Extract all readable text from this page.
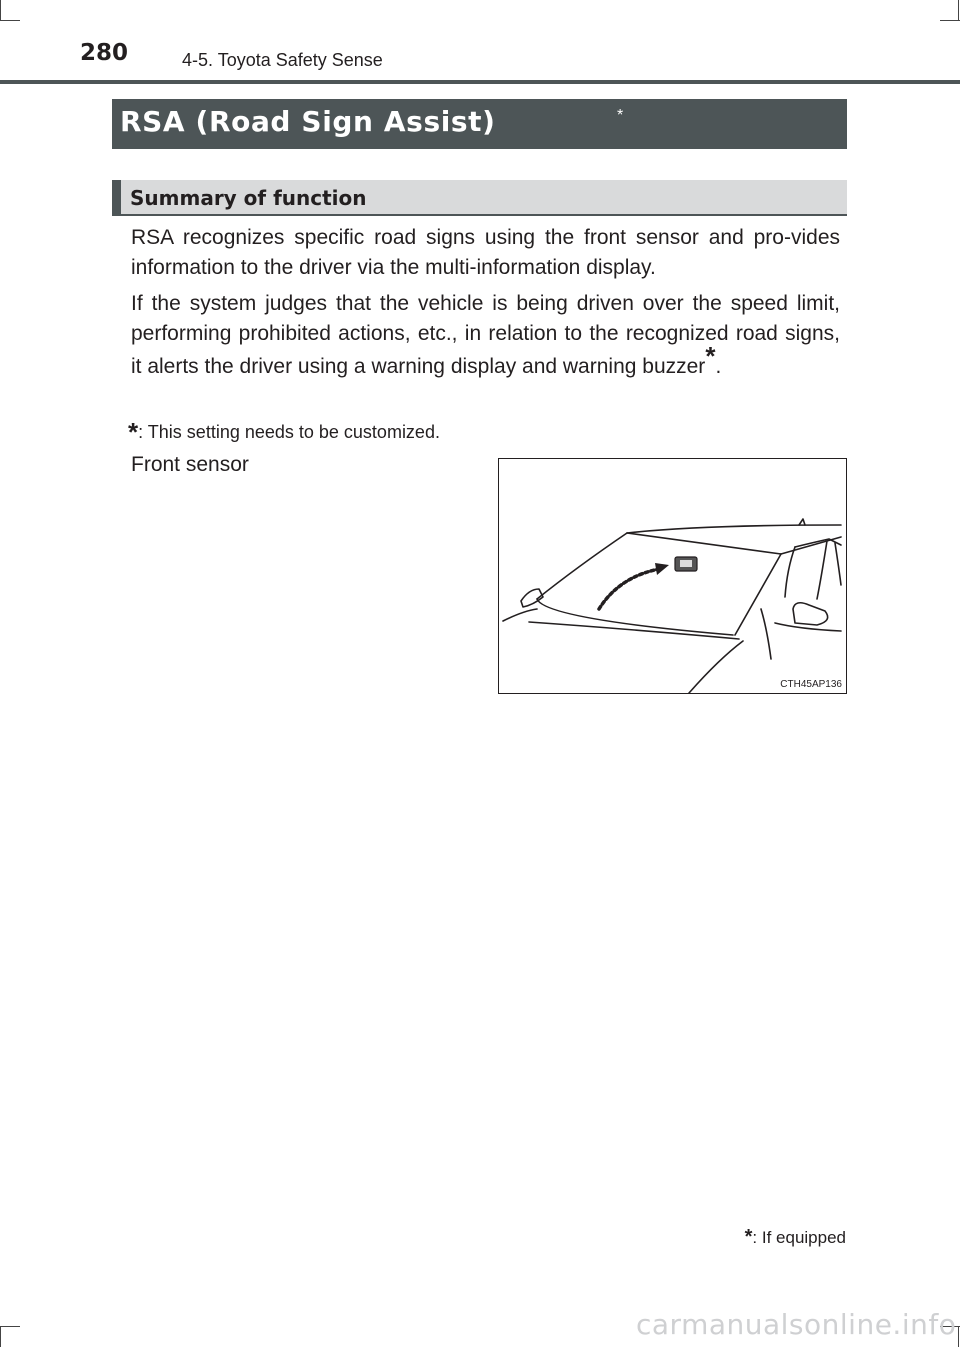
280	4-5. Toyota Safety Sense
RSA (Road Sign Assist)	*
Summary of function
RSA recognizes specific road signs using the front sensor and pro-vides information to the driver via the multi-information display.
If the system judges that the vehicle is being driven over the speed limit, performing prohibited actions, etc., in relation to the recognized road signs, it alerts the driver using a warning display and warning buzzer*.
*: This setting needs to be customized.
Front sensor
CTH45AP136
*: If equipped
carmanualsonline.info
